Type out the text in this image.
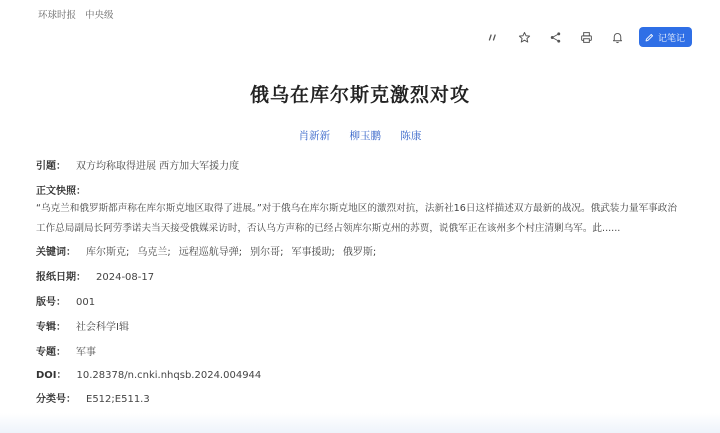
环球时报 中央级
记笔记
俄乌在库尔斯克激烈对攻
肖新新 柳玉鹏 陈康
引题： 双方均称取得进展 西方加大军援力度
正文快照：
“乌克兰和俄罗斯都声称在库尔斯克地区取得了进展。”对于俄乌在库尔斯克地区的激烈对抗，法新社16日这样描述双方最新的战况。俄武装力量军事政治工作总局副局长阿劳季诺夫当天接受俄媒采访时，否认乌方声称的已经占领库尔斯克州的苏贾，说俄军正在该州多个村庄清剿乌军。此......
关键词： 库尔斯克; 乌克兰; 远程巡航导弹; 别尔哥; 军事援助; 俄罗斯;
报纸日期： 2024-08-17
版号： 001
专辑： 社会科学Ⅰ辑
专题： 军事
DOI： 10.28378/n.cnki.nhqsb.2024.004944
分类号： E512;E511.3
